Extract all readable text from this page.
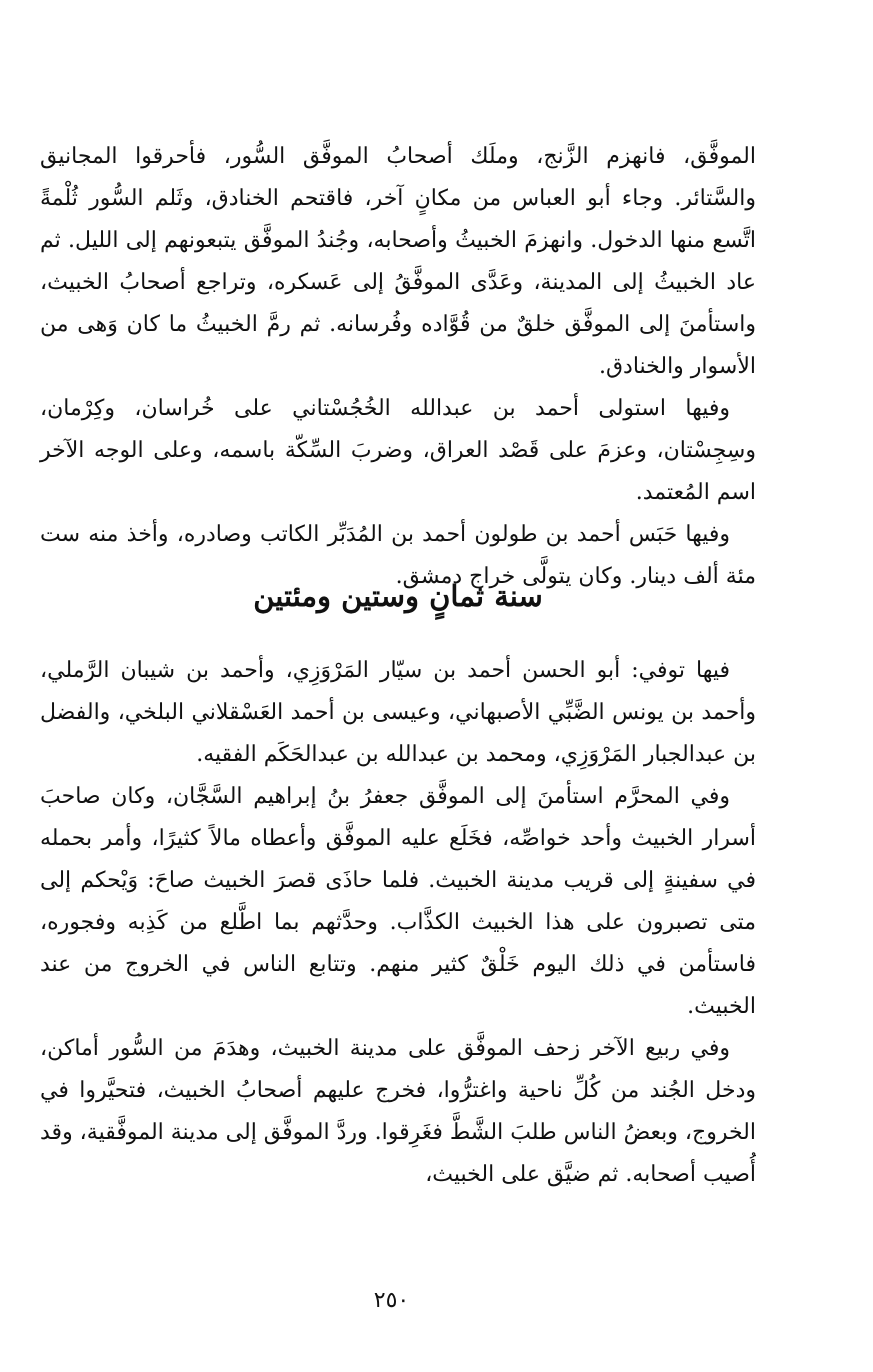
الموفَّق، فانهزم الزَّنج، وملَك أصحابُ الموفَّق السُّور، فأحرقوا المجانيق والسَّتائر. وجاء أبو العباس من مكانٍ آخر، فاقتحم الخنادق، وثَلم السُّور ثُلْمةً اتَّسع منها الدخول. وانهزمَ الخبيثُ وأصحابه، وجُندُ الموفَّق يتبعونهم إلى الليل. ثم عاد الخبيثُ إلى المدينة، وعَدَّى الموفَّقُ إلى عَسكره، وتراجع أصحابُ الخبيث، واستأمنَ إلى الموفَّق خلقٌ من قُوَّاده وفُرسانه. ثم رمَّ الخبيثُ ما كان وَهى من الأسوار والخنادق.

وفيها استولى أحمد بن عبدالله الخُجُسْتاني على خُراسان، وكِرْمان، وسِجِسْتان، وعزمَ على قَصْد العراق، وضربَ السِّكّة باسمه، وعلى الوجه الآخر اسم المُعتمد.

وفيها حَبَس أحمد بن طولون أحمد بن المُدَبِّر الكاتب وصادره، وأخذ منه ست مئة ألف دينار. وكان يتولَّى خراج دمشق.

سنة ثمانٍ وستين ومئتين

فيها توفي: أبو الحسن أحمد بن سيّار المَرْوَزِي، وأحمد بن شيبان الرَّملي، وأحمد بن يونس الضَّبِّي الأصبهاني، وعيسى بن أحمد العَسْقلاني البلخي، والفضل بن عبدالجبار المَرْوَزِي، ومحمد بن عبدالله بن عبدالحَكَم الفقيه.

وفي المحرَّم استأمنَ إلى الموفَّق جعفرُ بنُ إبراهيم السَّجَّان، وكان صاحبَ أسرار الخبيث وأحد خواصِّه، فخَلَع عليه الموفَّق وأعطاه مالاً كثيرًا، وأمر بحمله في سفينةٍ إلى قريب مدينة الخبيث. فلما حاذَى قصرَ الخبيث صاحَ: وَيْحكم إلى متى تصبرون على هذا الخبيث الكذَّاب. وحدَّثهم بما اطَّلع من كَذِبه وفجوره، فاستأمن في ذلك اليوم خَلْقٌ كثير منهم. وتتابع الناس في الخروج من عند الخبيث.

وفي ربيع الآخر زحف الموفَّق على مدينة الخبيث، وهدَمَ من السُّور أماكن، ودخل الجُند من كُلِّ ناحية واغترُّوا، فخرج عليهم أصحابُ الخبيث، فتحيَّروا في الخروج، وبعضُ الناس طلبَ الشَّطَّ فغَرِقوا. وردَّ الموفَّق إلى مدينة الموفَّقية، وقد أُصيب أصحابه. ثم ضيَّق على الخبيث،

٢٥٠
